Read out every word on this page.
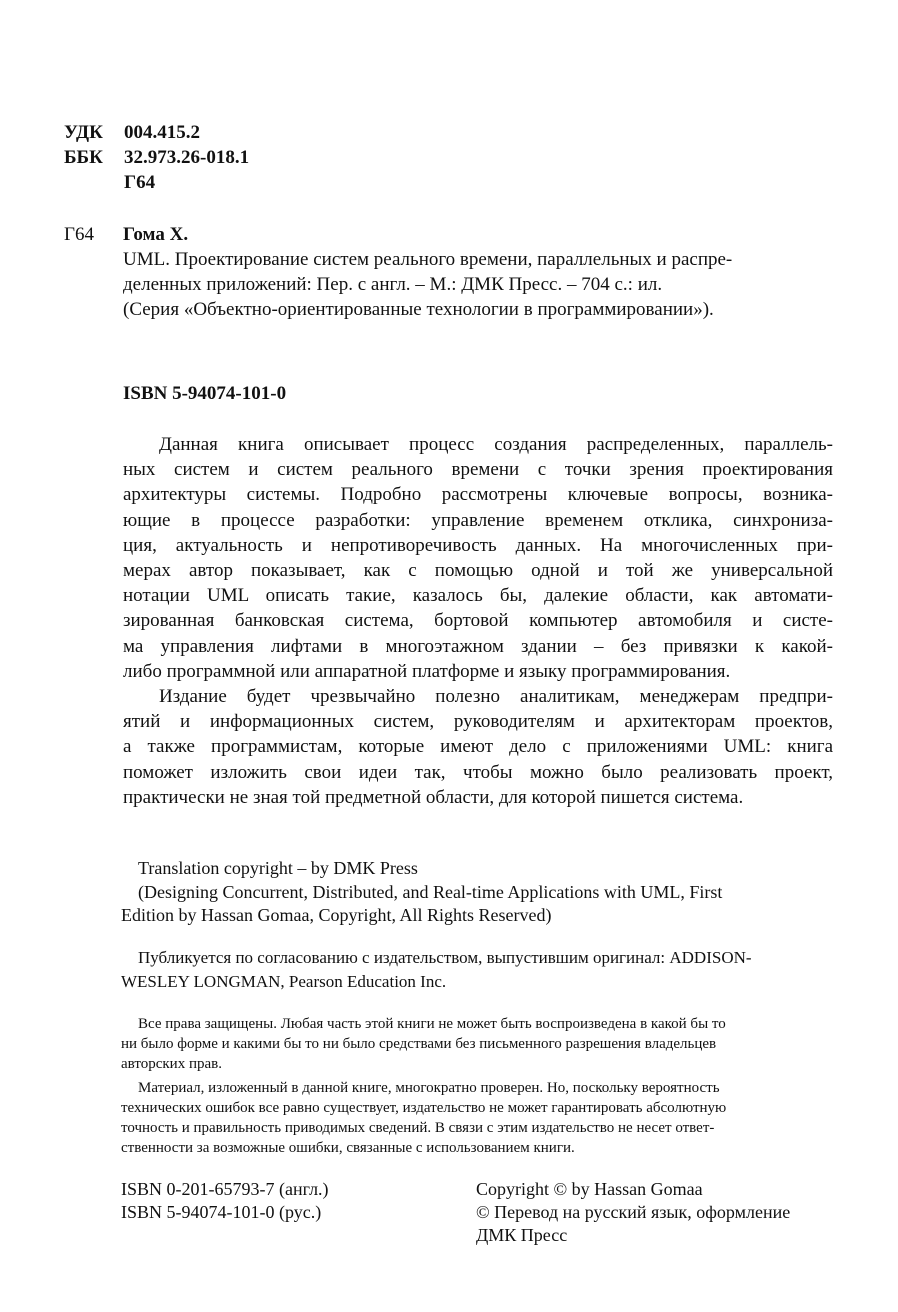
УДК	004.415.2
ББК	32.973.26-018.1
Г64
Г64 Гома Х.
UML. Проектирование систем реального времени, параллельных и распре-
деленных приложений: Пер. с англ. – М.: ДМК Пресс. – 704 с.: ил.
(Серия «Объектно-ориентированные технологии в программировании»).
ISBN 5-94074-101-0
Данная книга описывает процесс создания распределенных, параллель-
ных систем и систем реального времени с точки зрения проектирования
архитектуры системы. Подробно рассмотрены ключевые вопросы, возника-
ющие в процессе разработки: управление временем отклика, синхрониза-
ция, актуальность и непротиворечивость данных. На многочисленных при-
мерах автор показывает, как с помощью одной и той же универсальной
нотации UML описать такие, казалось бы, далекие области, как автомати-
зированная банковская система, бортовой компьютер автомобиля и систе-
ма управления лифтами в многоэтажном здании – без привязки к какой-
либо программной или аппаратной платформе и языку программирования.
Издание будет чрезвычайно полезно аналитикам, менеджерам предпри-
ятий и информационных систем, руководителям и архитекторам проектов,
а также программистам, которые имеют дело с приложениями UML: книга
поможет изложить свои идеи так, чтобы можно было реализовать проект,
практически не зная той предметной области, для которой пишется система.
Translation copyright – by DMK Press
(Designing Concurrent, Distributed, and Real-time Applications with UML, First
Edition by Hassan Gomaa, Copyright, All Rights Reserved)
Публикуется по согласованию с издательством, выпустившим оригинал: ADDISON-
WESLEY LONGMAN, Pearson Education Inc.
Все права защищены. Любая часть этой книги не может быть воспроизведена в какой бы то
ни было форме и какими бы то ни было средствами без письменного разрешения владельцев
авторских прав.
Материал, изложенный в данной книге, многократно проверен. Но, поскольку вероятность
технических ошибок все равно существует, издательство не может гарантировать абсолютную
точность и правильность приводимых сведений. В связи с этим издательство не несет ответ-
ственности за возможные ошибки, связанные с использованием книги.
ISBN 0-201-65793-7 (англ.)
ISBN 5-94074-101-0 (рус.)
Copyright © by Hassan Gomaa
© Перевод на русский язык, оформление
ДМК Пресс
